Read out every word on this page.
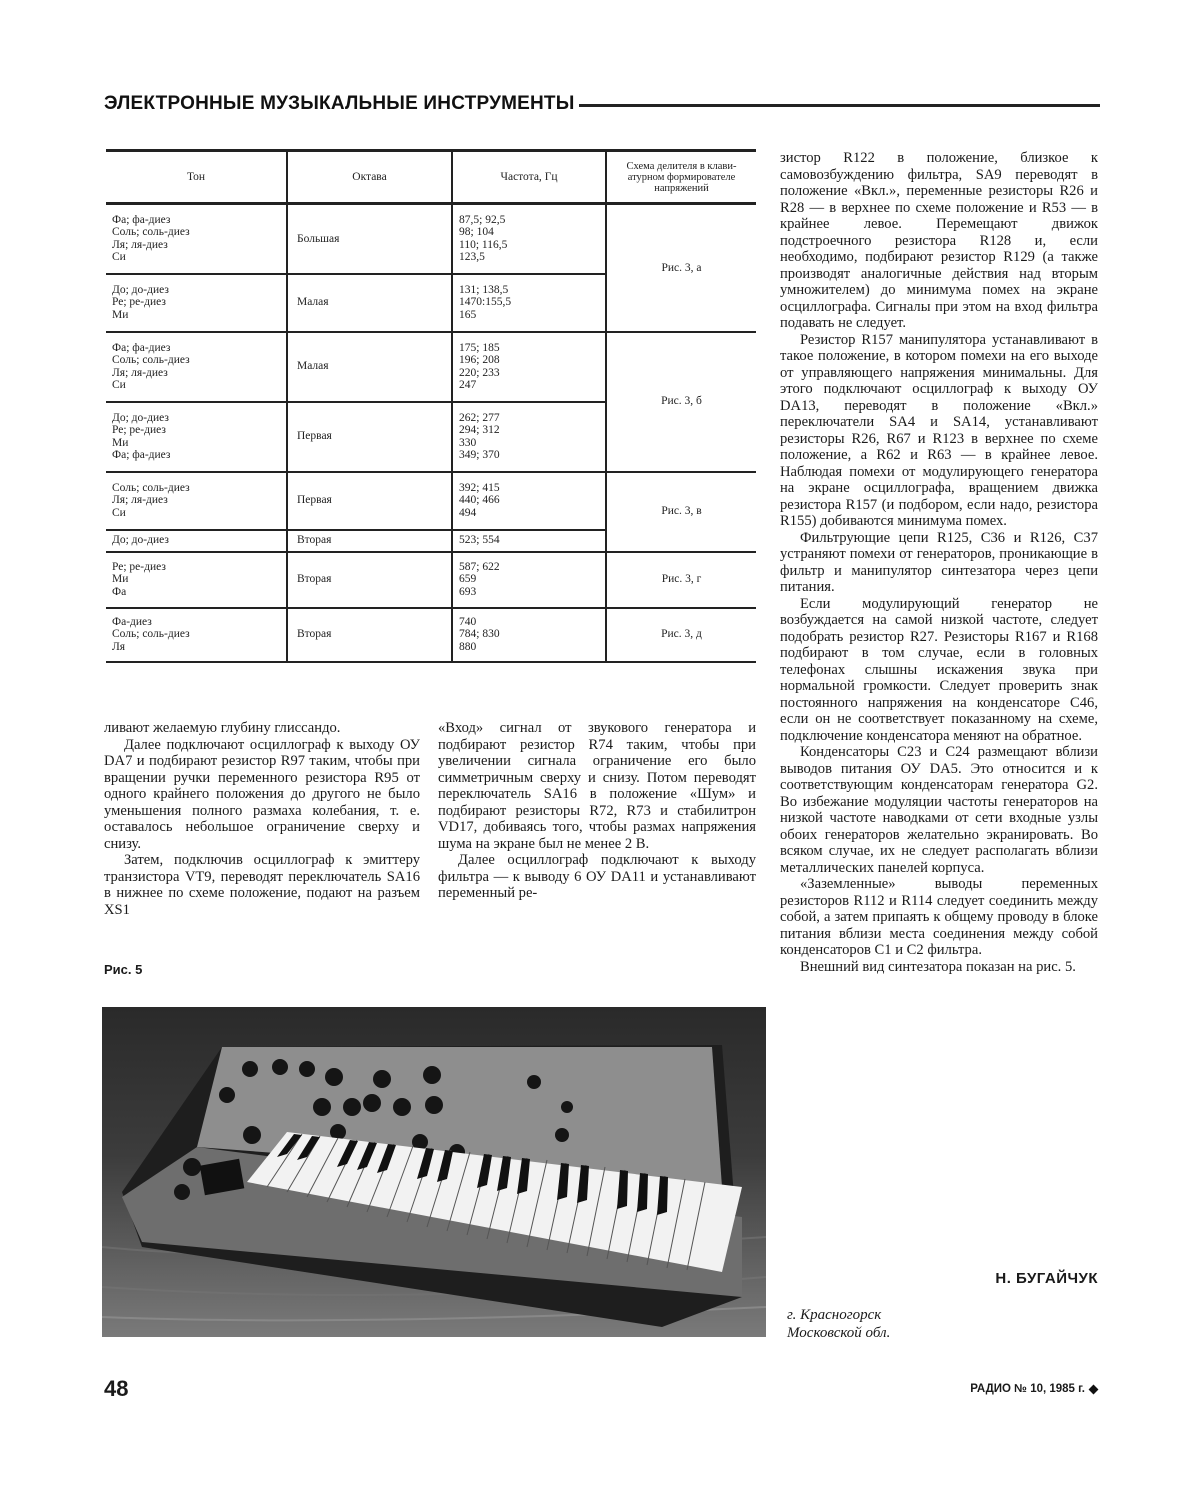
ЭЛЕКТРОННЫЕ МУЗЫКАЛЬНЫЕ ИНСТРУМЕНТЫ
Тон	Октава	Частота, Гц	Схема делителя в клави- атурном формирователе напряжений

Фа; фа-диез
Соль; соль-диез
Ля; ля-диез
Си	Большая	87,5; 92,5
98; 104
110; 116,5
123,5	Рис. 3, а

До; до-диез
Ре; ре-диез
Ми	Малая	131; 138,5
1470:155,5
165	

Фа; фа-диез
Соль; соль-диез
Ля; ля-диез
Си	Малая	175; 185
196; 208
220; 233
247	Рис. 3, б

До; до-диез
Ре; ре-диез
Ми
Фа; фа-диез	Первая	262; 277
294; 312
330
349; 370	

Соль; соль-диез
Ля; ля-диез
Си	Первая	392; 415
440; 466
494	Рис. 3, в

До; до-диез	Вторая	523; 554	

Ре; ре-диез
Ми
Фа	Вторая	587; 622
659
693	Рис. 3, г

Фа-диез
Соль; соль-диез
Ля	Вторая	740
784; 830
880	Рис. 3, д

ливают желаемую глубину глиссандо.

Далее подключают осциллограф к выходу ОУ DA7 и подбирают резистор R97 таким, чтобы при вращении ручки переменного резистора R95 от одного крайнего положения до другого не было уменьшения полного размаха колебания, т. е. оставалось небольшое ограничение сверху и снизу.

Затем, подключив осциллограф к эмиттеру транзистора VT9, переводят переключатель SA16 в нижнее по схеме положение, подают на разъем XS1

«Вход» сигнал от звукового генератора и подбирают резистор R74 таким, чтобы при увеличении сигнала ограничение его было симметричным сверху и снизу. Потом переводят переключатель SA16 в положение «Шум» и подбирают резисторы R72, R73 и стабилитрон VD17, добиваясь того, чтобы размах напряжения шума на экране был не менее 2 В.

Далее осциллограф подключают к выходу фильтра — к выводу 6 ОУ DA11 и устанавливают переменный ре-

зистор R122 в положение, близкое к самовозбуждению фильтра, SA9 переводят в положение «Вкл.», переменные резисторы R26 и R28 — в верхнее по схеме положение и R53 — в крайнее левое. Перемещают движок подстроечного резистора R128 и, если необходимо, подбирают резистор R129 (а также производят аналогичные действия над вторым умножителем) до минимума помех на экране осциллографа. Сигналы при этом на вход фильтра подавать не следует.

Резистор R157 манипулятора устанавливают в такое положение, в котором помехи на его выходе от управляющего напряжения минимальны. Для этого подключают осциллограф к выходу ОУ DA13, переводят в положение «Вкл.» переключатели SA4 и SA14, устанавливают резисторы R26, R67 и R123 в верхнее по схеме положение, а R62 и R63 — в крайнее левое. Наблюдая помехи от модулирующего генератора на экране осциллографа, вращением движка резистора R157 (и подбором, если надо, резистора R155) добиваются минимума помех.

Фильтрующие цепи R125, C36 и R126, C37 устраняют помехи от генераторов, проникающие в фильтр и манипулятор синтезатора через цепи питания.

Если модулирующий генератор не возбуждается на самой низкой частоте, следует подобрать резистор R27. Резисторы R167 и R168 подбирают в том случае, если в головных телефонах слышны искажения звука при нормальной громкости. Следует проверить знак постоянного напряжения на конденсаторе C46, если он не соответствует показанному на схеме, подключение конденсатора меняют на обратное.

Конденсаторы C23 и C24 размещают вблизи выводов питания ОУ DA5. Это относится и к соответствующим конденсаторам генератора G2. Во избежание модуляции частоты генераторов на низкой частоте наводками от сети входные узлы обоих генераторов желательно экранировать. Во всяком случае, их не следует располагать вблизи металлических панелей корпуса.

«Заземленные» выводы переменных резисторов R112 и R114 следует соединить между собой, а затем припаять к общему проводу в блоке питания вблизи места соединения между собой конденсаторов C1 и C2 фильтра.

Внешний вид синтезатора показан на рис. 5.

Рис. 5
Н. БУГАЙЧУК
г. Красногорск
Московской обл.
48	РАДИО № 10, 1985 г.
